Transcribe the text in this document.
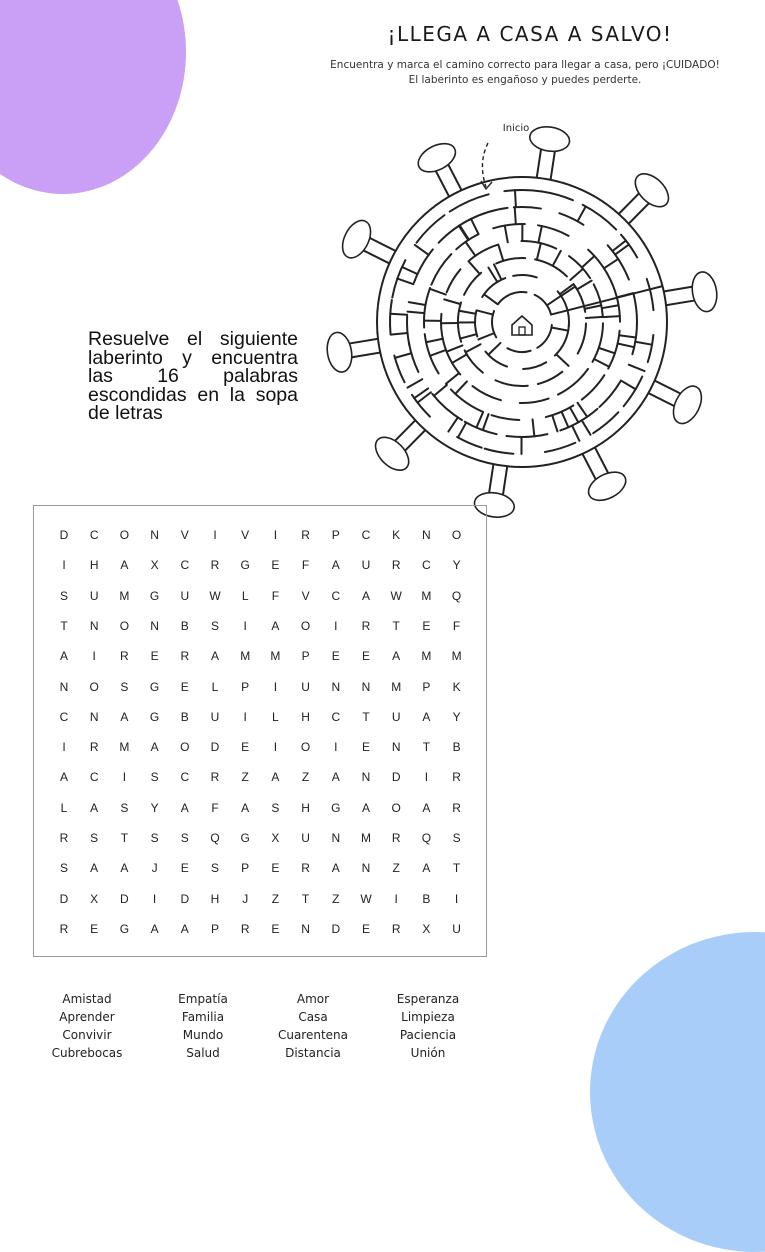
¡LLEGA A CASA A SALVO!
Encuentra y marca el camino correcto para llegar a casa, pero ¡CUIDADO!
El laberinto es engañoso y puedes perderte.
Inicio
Resuelve el siguiente laberinto y encuentra las 16 palabras escondidas en la sopa de letras
D	C	O	N	V	I	V	I	R	P	C	K	N	O
I	H	A	X	C	R	G	E	F	A	U	R	C	Y
S	U	M	G	U	W	L	F	V	C	A	W	M	Q
T	N	O	N	B	S	I	A	O	I	R	T	E	F
A	I	R	E	R	A	M	M	P	E	E	A	M	M
N	O	S	G	E	L	P	I	U	N	N	M	P	K
C	N	A	G	B	U	I	L	H	C	T	U	A	Y
I	R	M	A	O	D	E	I	O	I	E	N	T	B
A	C	I	S	C	R	Z	A	Z	A	N	D	I	R
L	A	S	Y	A	F	A	S	H	G	A	O	A	R
R	S	T	S	S	Q	G	X	U	N	M	R	Q	S
S	A	A	J	E	S	P	E	R	A	N	Z	A	T
D	X	D	I	D	H	J	Z	T	Z	W	I	B	I
R	E	G	A	A	P	R	E	N	D	E	R	X	U
Amistad
Aprender
Convivir
Cubrebocas
Empatía
Familia
Mundo
Salud
Amor
Casa
Cuarentena
Distancia
Esperanza
Limpieza
Paciencia
Unión
